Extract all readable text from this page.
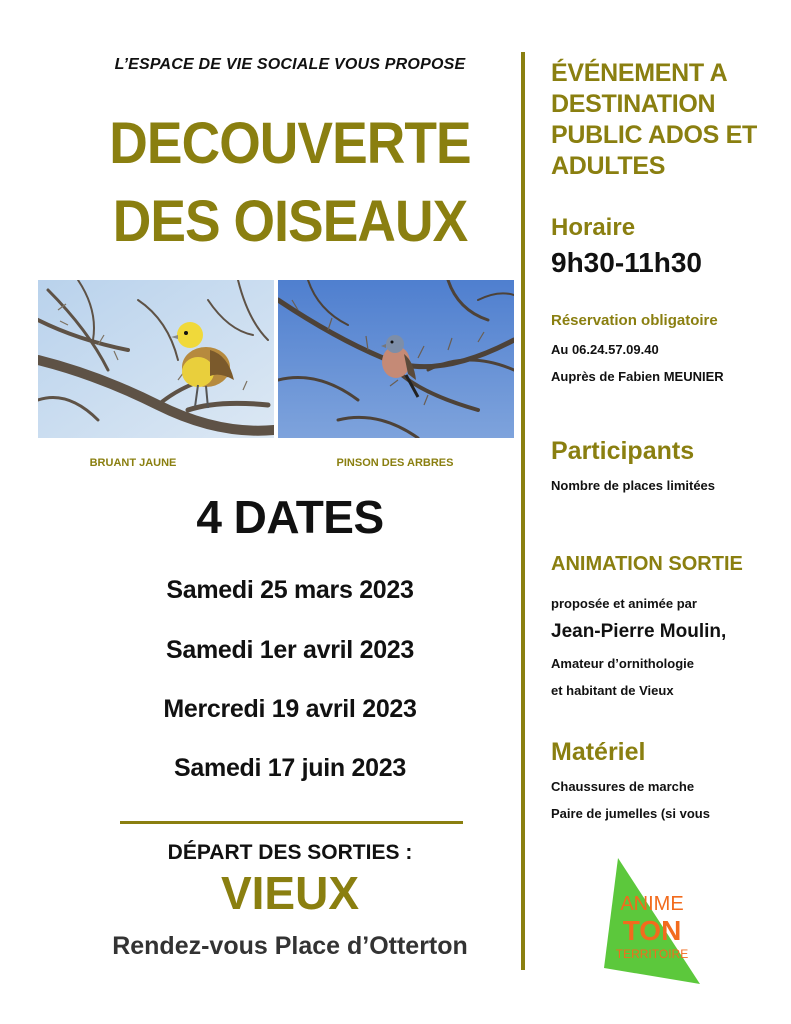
L’ESPACE DE VIE SOCIALE VOUS PROPOSE
DECOUVERTE
DES OISEAUX
BRUANT JAUNE	PINSON DES ARBRES
4 DATES
Samedi 25 mars 2023
Samedi 1er avril 2023
Mercredi 19 avril 2023
Samedi 17 juin 2023
DÉPART DES SORTIES :
VIEUX
Rendez-vous Place d’Otterton
ÉVÉNEMENT A
DESTINATION
PUBLIC ADOS ET
ADULTES
Horaire
9h30-11h30
Réservation obligatoire
Au 06.24.57.09.40
Auprès de Fabien MEUNIER
Participants
Nombre de places limitées
ANIMATION SORTIE
proposée et animée par
Jean-Pierre Moulin,
Amateur d’ornithologie
et habitant de Vieux
Matériel
Chaussures de marche
Paire de jumelles (si vous
ANIME
TON
TERRITOIRE
